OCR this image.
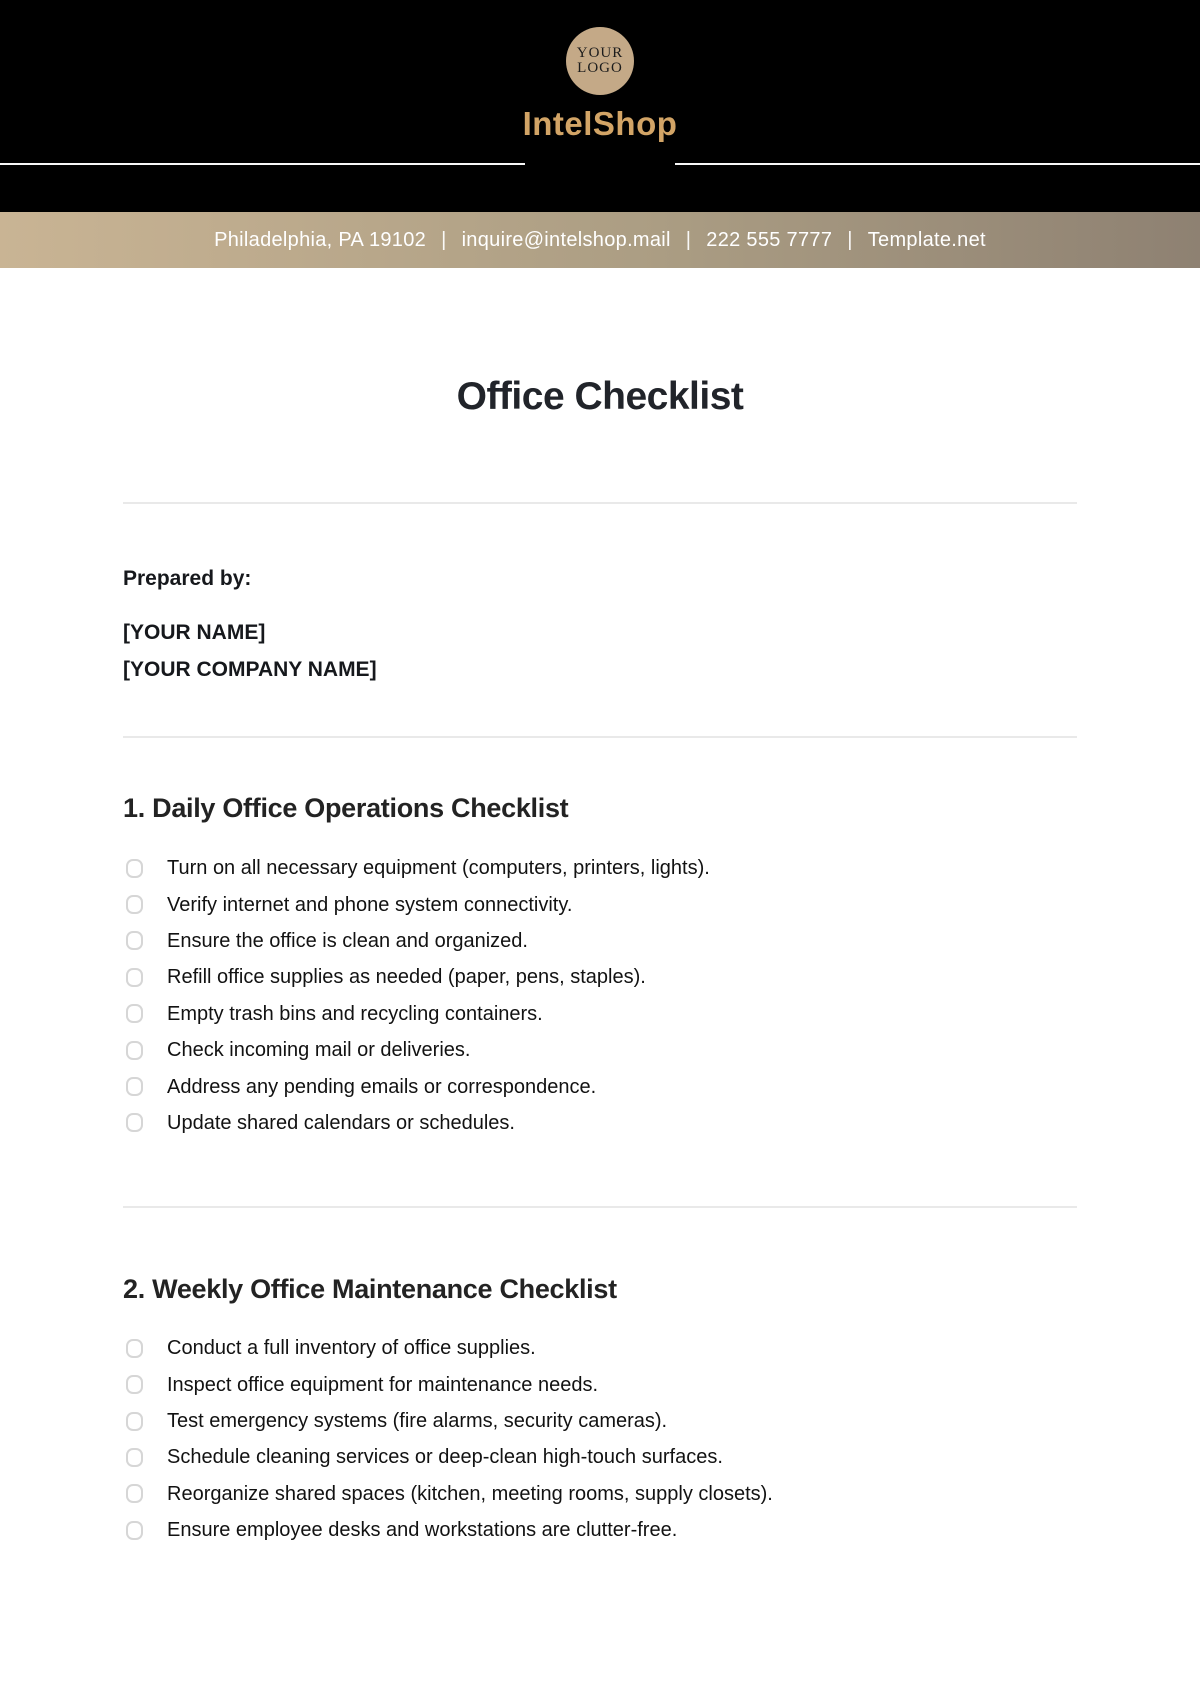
YOUR
LOGO
IntelShop
Philadelphia, PA 19102 | inquire@intelshop.mail | 222 555 7777 | Template.net
Office Checklist
Prepared by:
[YOUR NAME]
[YOUR COMPANY NAME]
1. Daily Office Operations Checklist
Turn on all necessary equipment (computers, printers, lights).
Verify internet and phone system connectivity.
Ensure the office is clean and organized.
Refill office supplies as needed (paper, pens, staples).
Empty trash bins and recycling containers.
Check incoming mail or deliveries.
Address any pending emails or correspondence.
Update shared calendars or schedules.
2. Weekly Office Maintenance Checklist
Conduct a full inventory of office supplies.
Inspect office equipment for maintenance needs.
Test emergency systems (fire alarms, security cameras).
Schedule cleaning services or deep-clean high-touch surfaces.
Reorganize shared spaces (kitchen, meeting rooms, supply closets).
Ensure employee desks and workstations are clutter-free.
